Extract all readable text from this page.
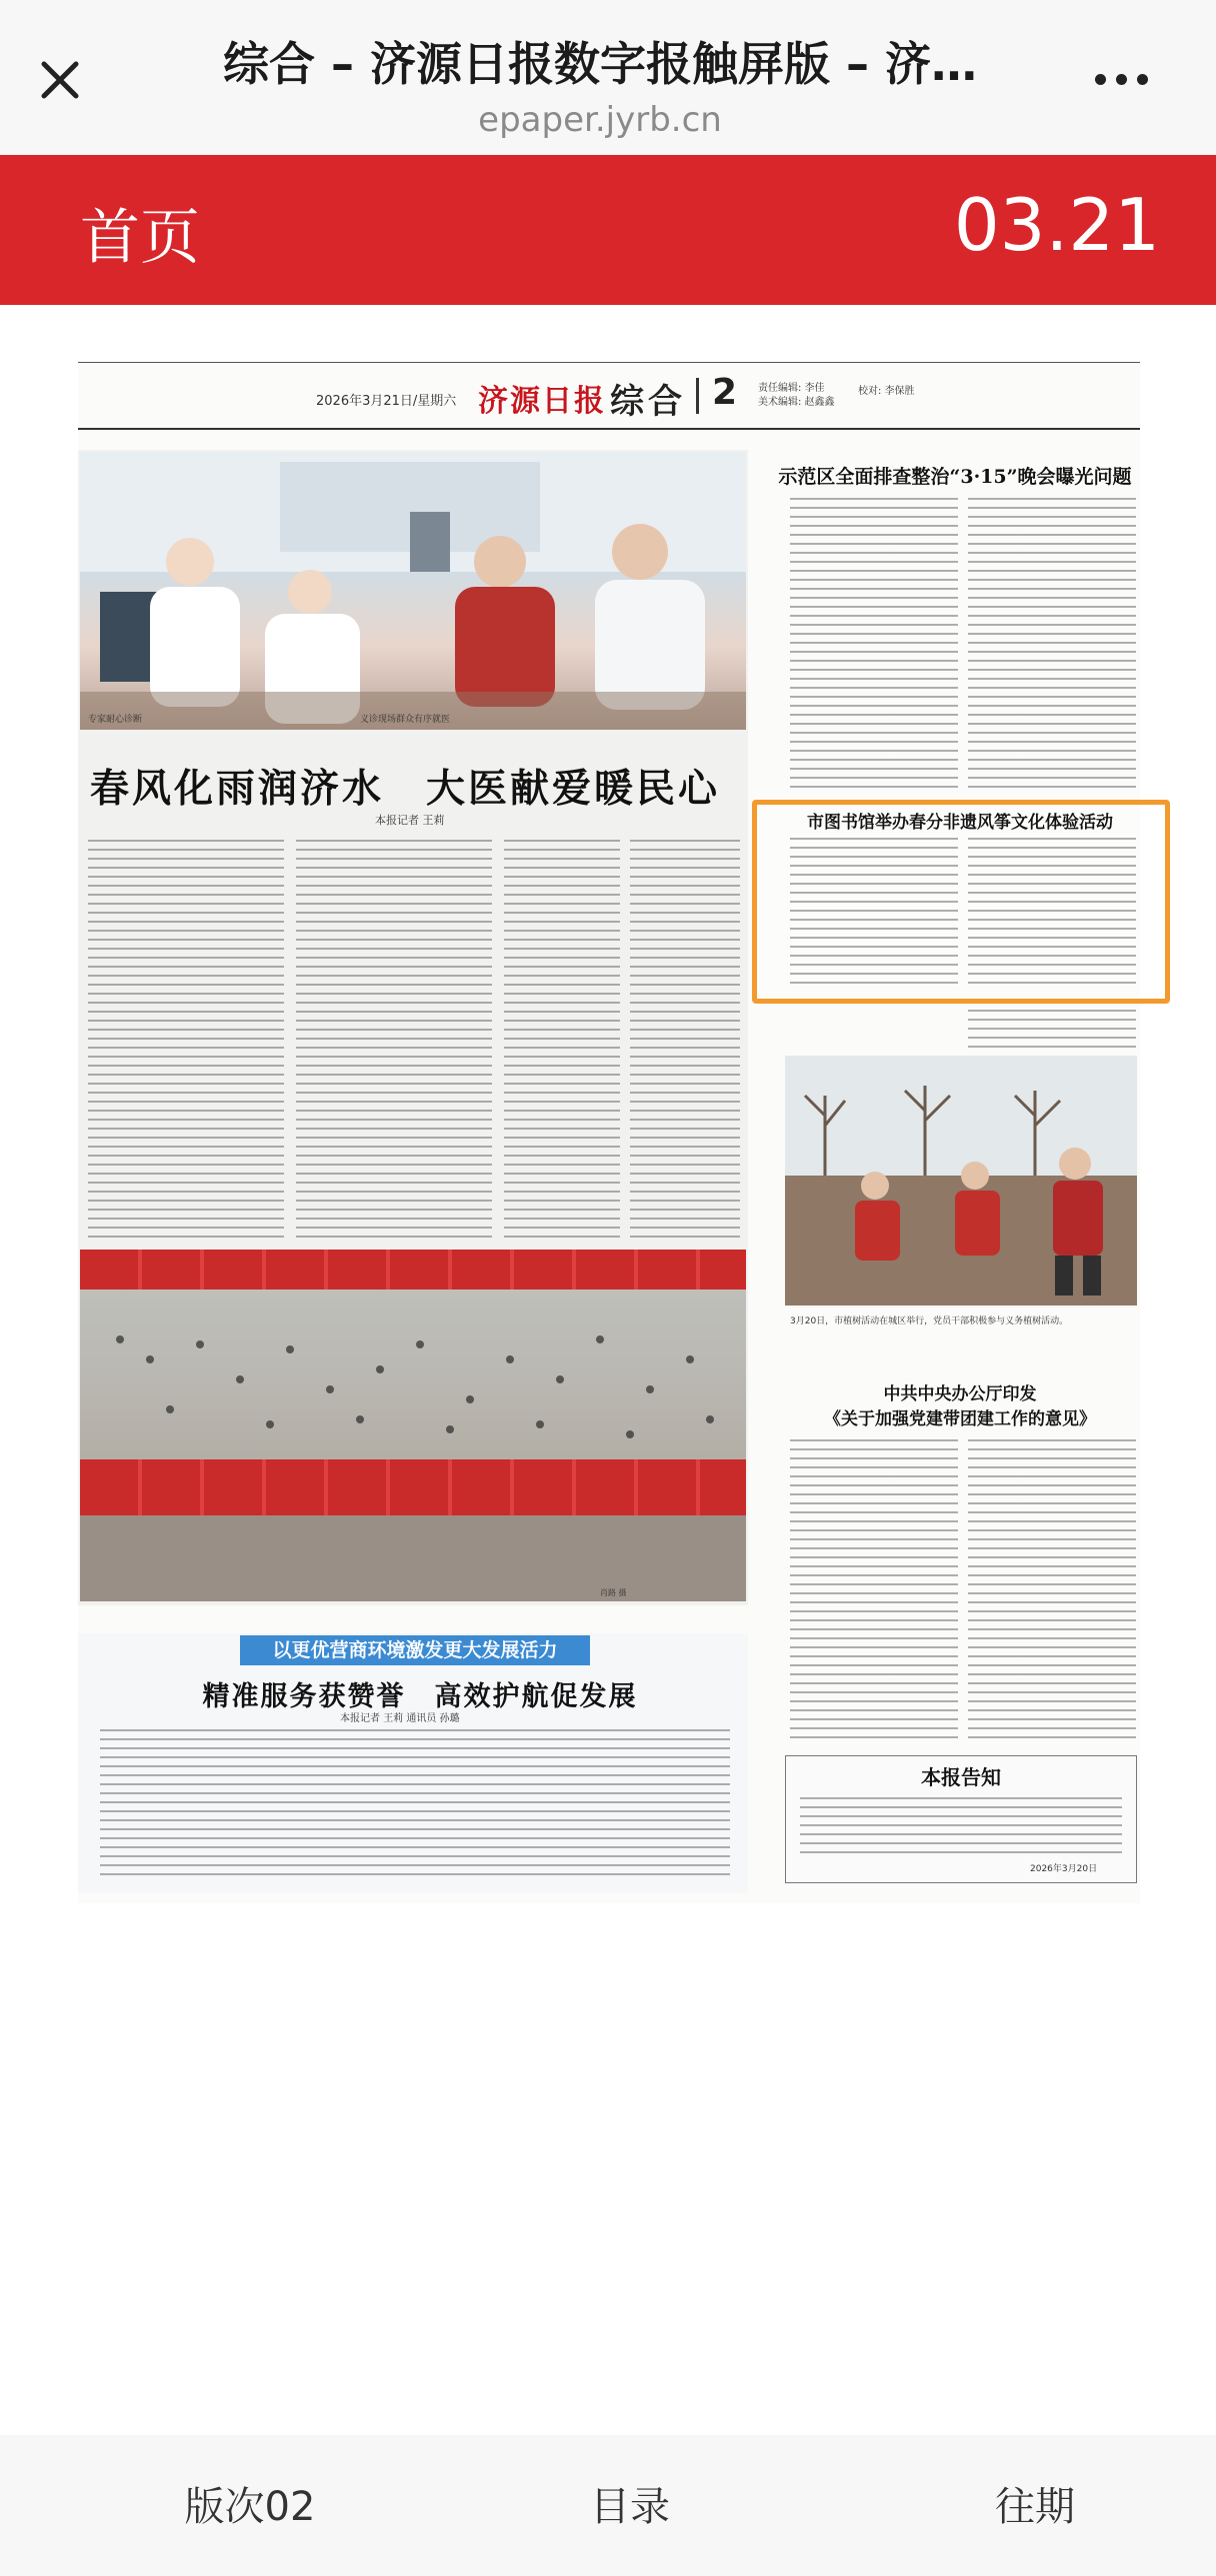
综合 – 济源日报数字报触屏版 – 济…
epaper.jyrb.cn
首页	03.21
2026年3月21日/星期六 济源日报 综合 2 责任编辑: 李佳
美术编辑: 赵鑫鑫
校对: 李保胜
专家耐心诊断	义诊现场群众有序就医
春风化雨润济水　大医献爱暖民心
本报记者 王莉
肖路 摄
以更优营商环境激发更大发展活力
精准服务获赞誉　高效护航促发展
本报记者 王莉 通讯员 孙璐
示范区全面排查整治“3·15”晚会曝光问题
市图书馆举办春分非遗风筝文化体验活动
3月20日，市植树活动在城区举行，党员干部积极参与义务植树活动。
中共中央办公厅印发
《关于加强党建带团建工作的意见》
本报告知
2026年3月20日
版次02	目录	往期
